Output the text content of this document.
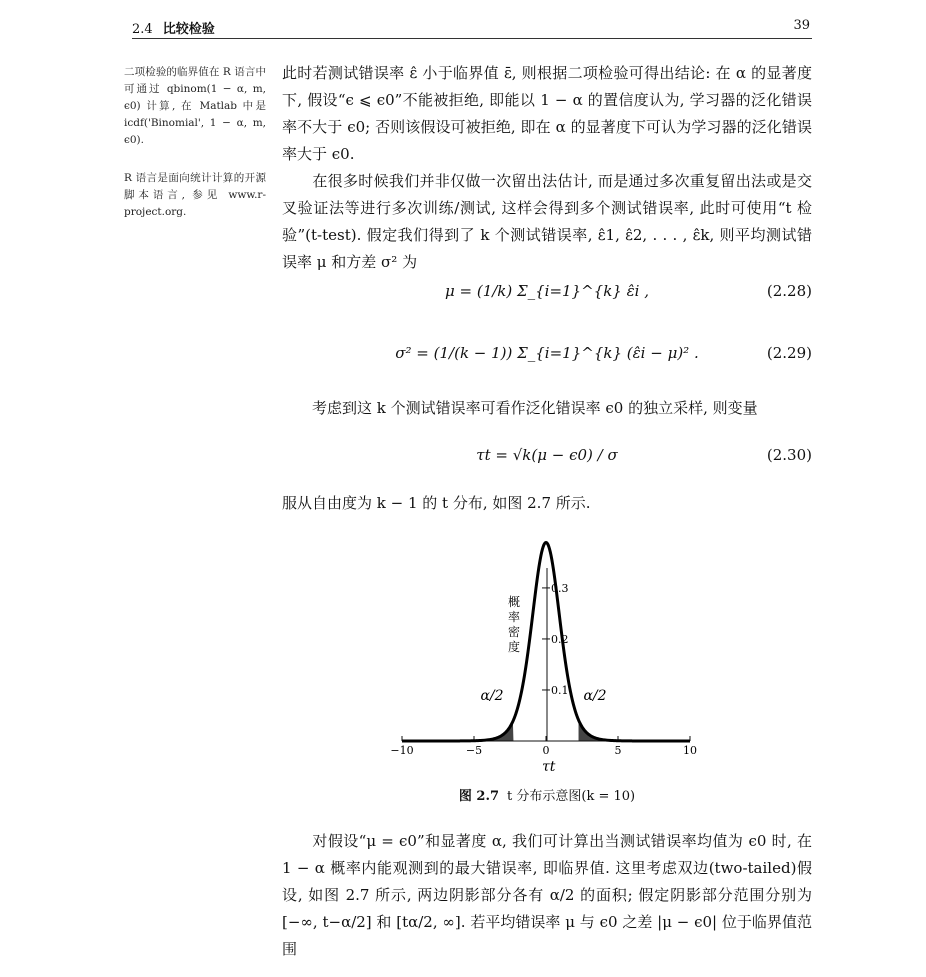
2.4 比较检验	39
二项检验的临界值在 R 语言中可通过 qbinom(1 − α, m, ϵ0) 计算, 在 Matlab 中是 icdf('Binomial', 1 − α, m, ϵ0).
R 语言是面向统计计算的开源脚本语言, 参见 www.r-project.org.
此时若测试错误率 ε̂ 小于临界值 ε̄, 则根据二项检验可得出结论: 在 α 的显著度下, 假设“ϵ ⩽ ϵ0”不能被拒绝, 即能以 1 − α 的置信度认为, 学习器的泛化错误率不大于 ϵ0; 否则该假设可被拒绝, 即在 α 的显著度下可认为学习器的泛化错误率大于 ϵ0.
在很多时候我们并非仅做一次留出法估计, 而是通过多次重复留出法或是交叉验证法等进行多次训练/测试, 这样会得到多个测试错误率, 此时可使用“t 检验”(t-test). 假定我们得到了 k 个测试错误率, ε̂1, ε̂2, . . . , ε̂k, 则平均测试错误率 μ 和方差 σ² 为
μ = (1/k) Σ_{i=1}^{k} ε̂i ,	(2.28)
σ² = (1/(k − 1)) Σ_{i=1}^{k} (ε̂i − μ)² .	(2.29)
考虑到这 k 个测试错误率可看作泛化错误率 ϵ0 的独立采样, 则变量
τt = √k(μ − ϵ0) / σ	(2.30)
服从自由度为 k − 1 的 t 分布, 如图 2.7 所示.
−10	−5	0	5	10
0.1
0.2
0.3
概率密度
τt
α/2	α/2
图 2.7 t 分布示意图(k = 10)
对假设“μ = ϵ0”和显著度 α, 我们可计算出当测试错误率均值为 ϵ0 时, 在 1 − α 概率内能观测到的最大错误率, 即临界值. 这里考虑双边(two-tailed)假设, 如图 2.7 所示, 两边阴影部分各有 α/2 的面积; 假定阴影部分范围分别为 [−∞, t−α/2] 和 [tα/2, ∞]. 若平均错误率 μ 与 ϵ0 之差 |μ − ϵ0| 位于临界值范围
